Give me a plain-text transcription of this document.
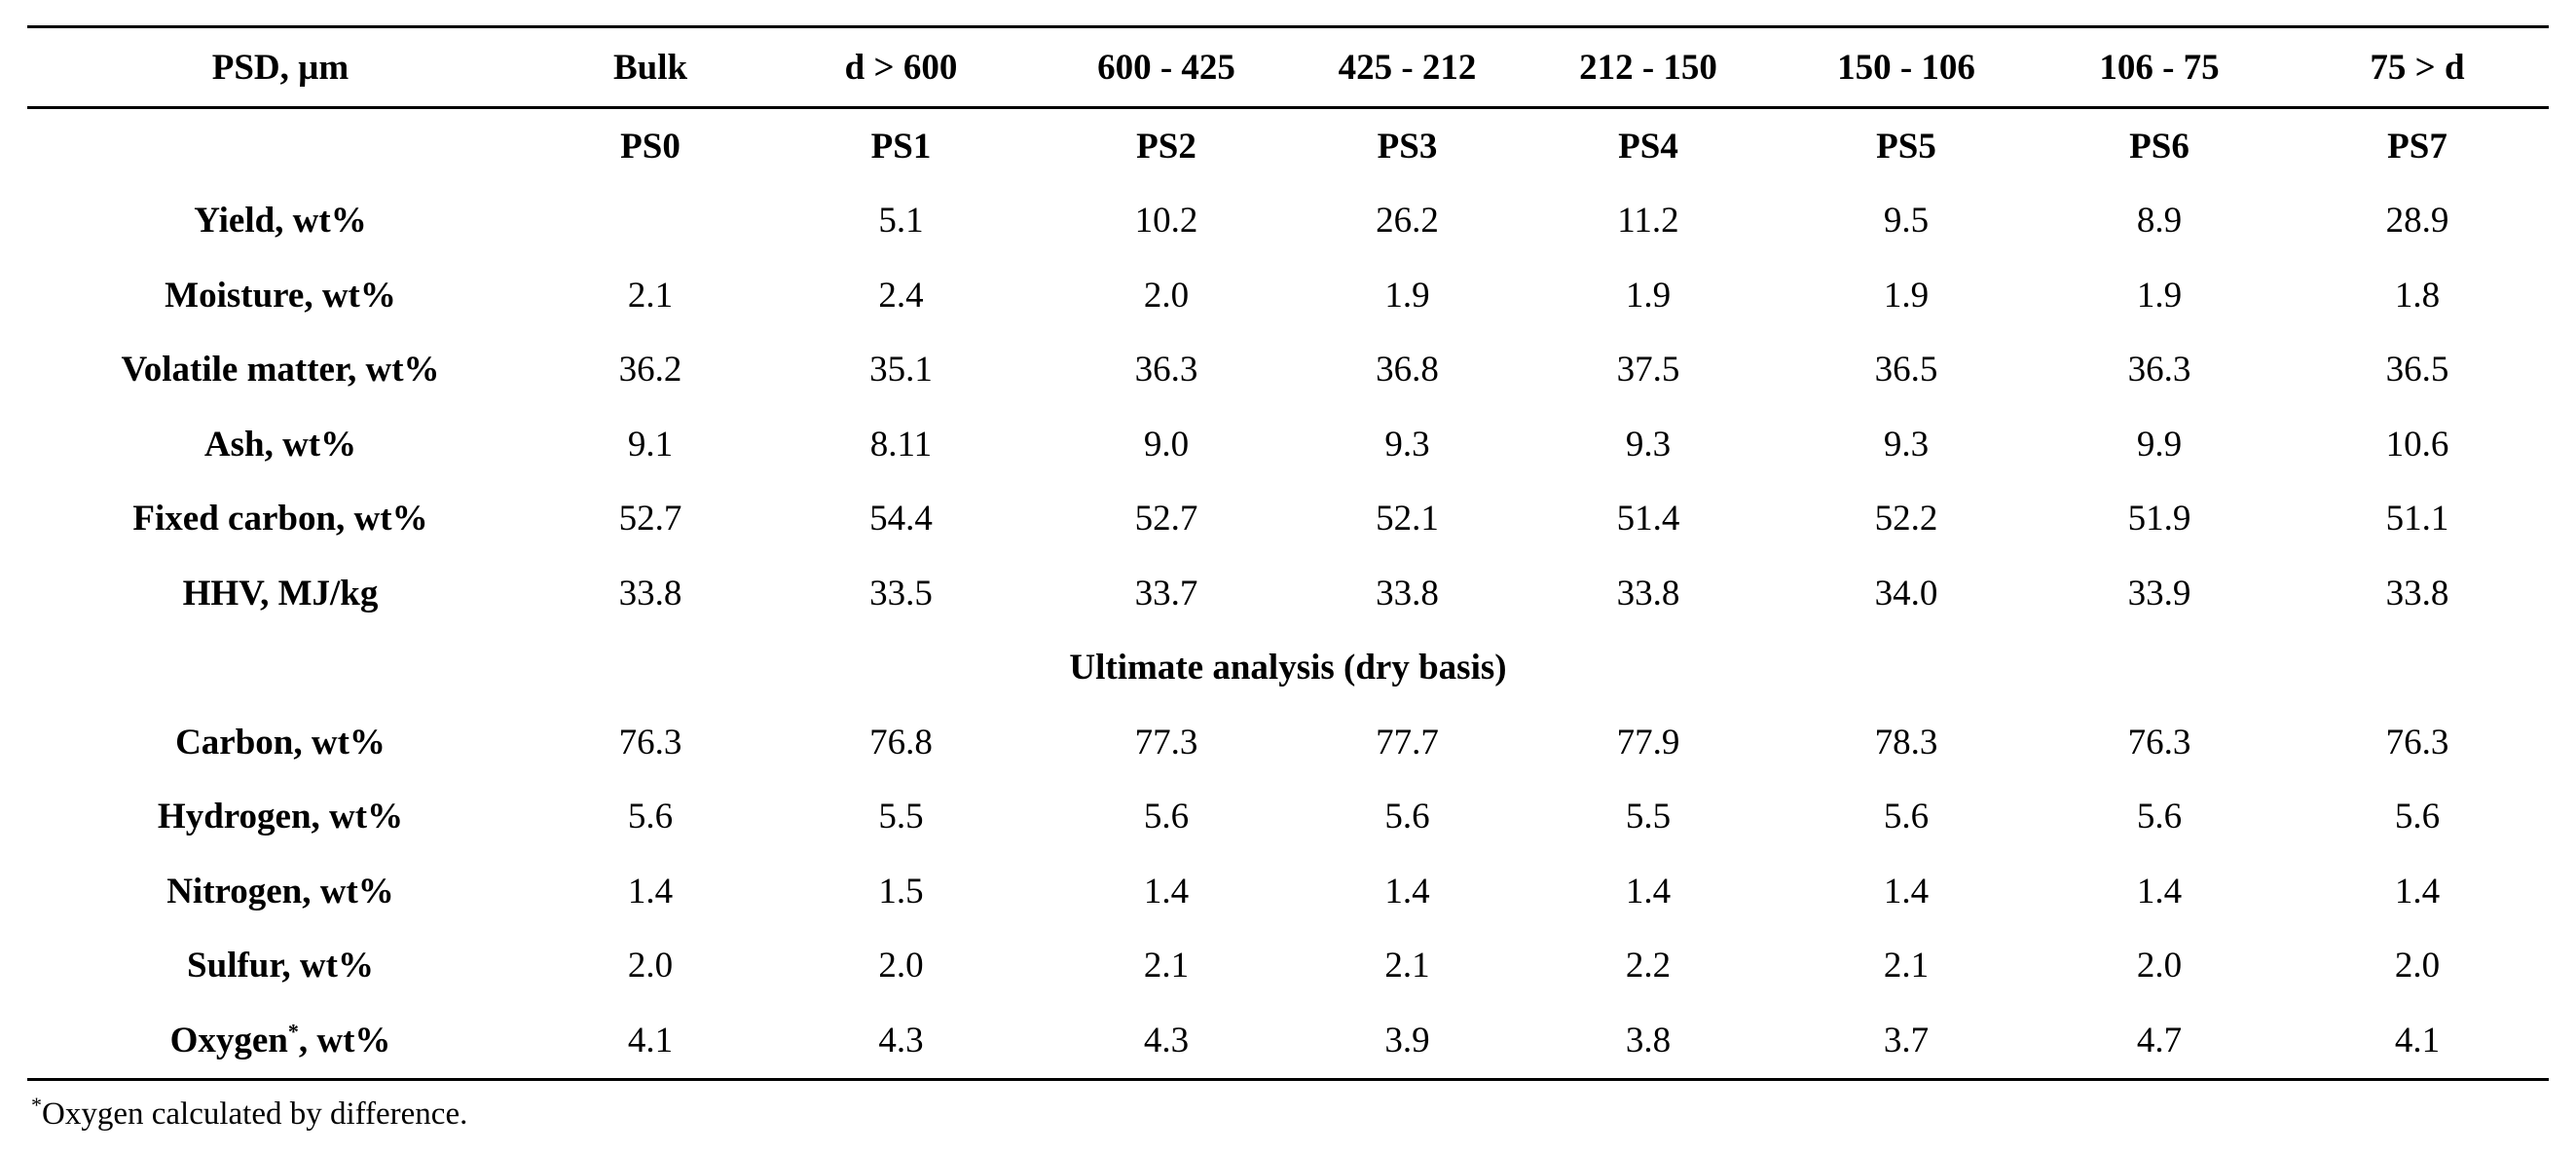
PSD, µm	Bulk	d > 600	600 - 425	425 - 212	212 - 150	150 - 106	106 - 75	75 > d
	PS0	PS1	PS2	PS3	PS4	PS5	PS6	PS7
Yield, wt%		5.1	10.2	26.2	11.2	9.5	8.9	28.9
Moisture, wt%	2.1	2.4	2.0	1.9	1.9	1.9	1.9	1.8
Volatile matter, wt%	36.2	35.1	36.3	36.8	37.5	36.5	36.3	36.5
Ash, wt%	9.1	8.11	9.0	9.3	9.3	9.3	9.9	10.6
Fixed carbon, wt%	52.7	54.4	52.7	52.1	51.4	52.2	51.9	51.1
HHV, MJ/kg	33.8	33.5	33.7	33.8	33.8	34.0	33.9	33.8
Ultimate analysis (dry basis)								
Carbon, wt%	76.3	76.8	77.3	77.7	77.9	78.3	76.3	76.3
Hydrogen, wt%	5.6	5.5	5.6	5.6	5.5	5.6	5.6	5.6
Nitrogen, wt%	1.4	1.5	1.4	1.4	1.4	1.4	1.4	1.4
Sulfur, wt%	2.0	2.0	2.1	2.1	2.2	2.1	2.0	2.0
Oxygen*, wt%	4.1	4.3	4.3	3.9	3.8	3.7	4.7	4.1
*Oxygen calculated by difference.
